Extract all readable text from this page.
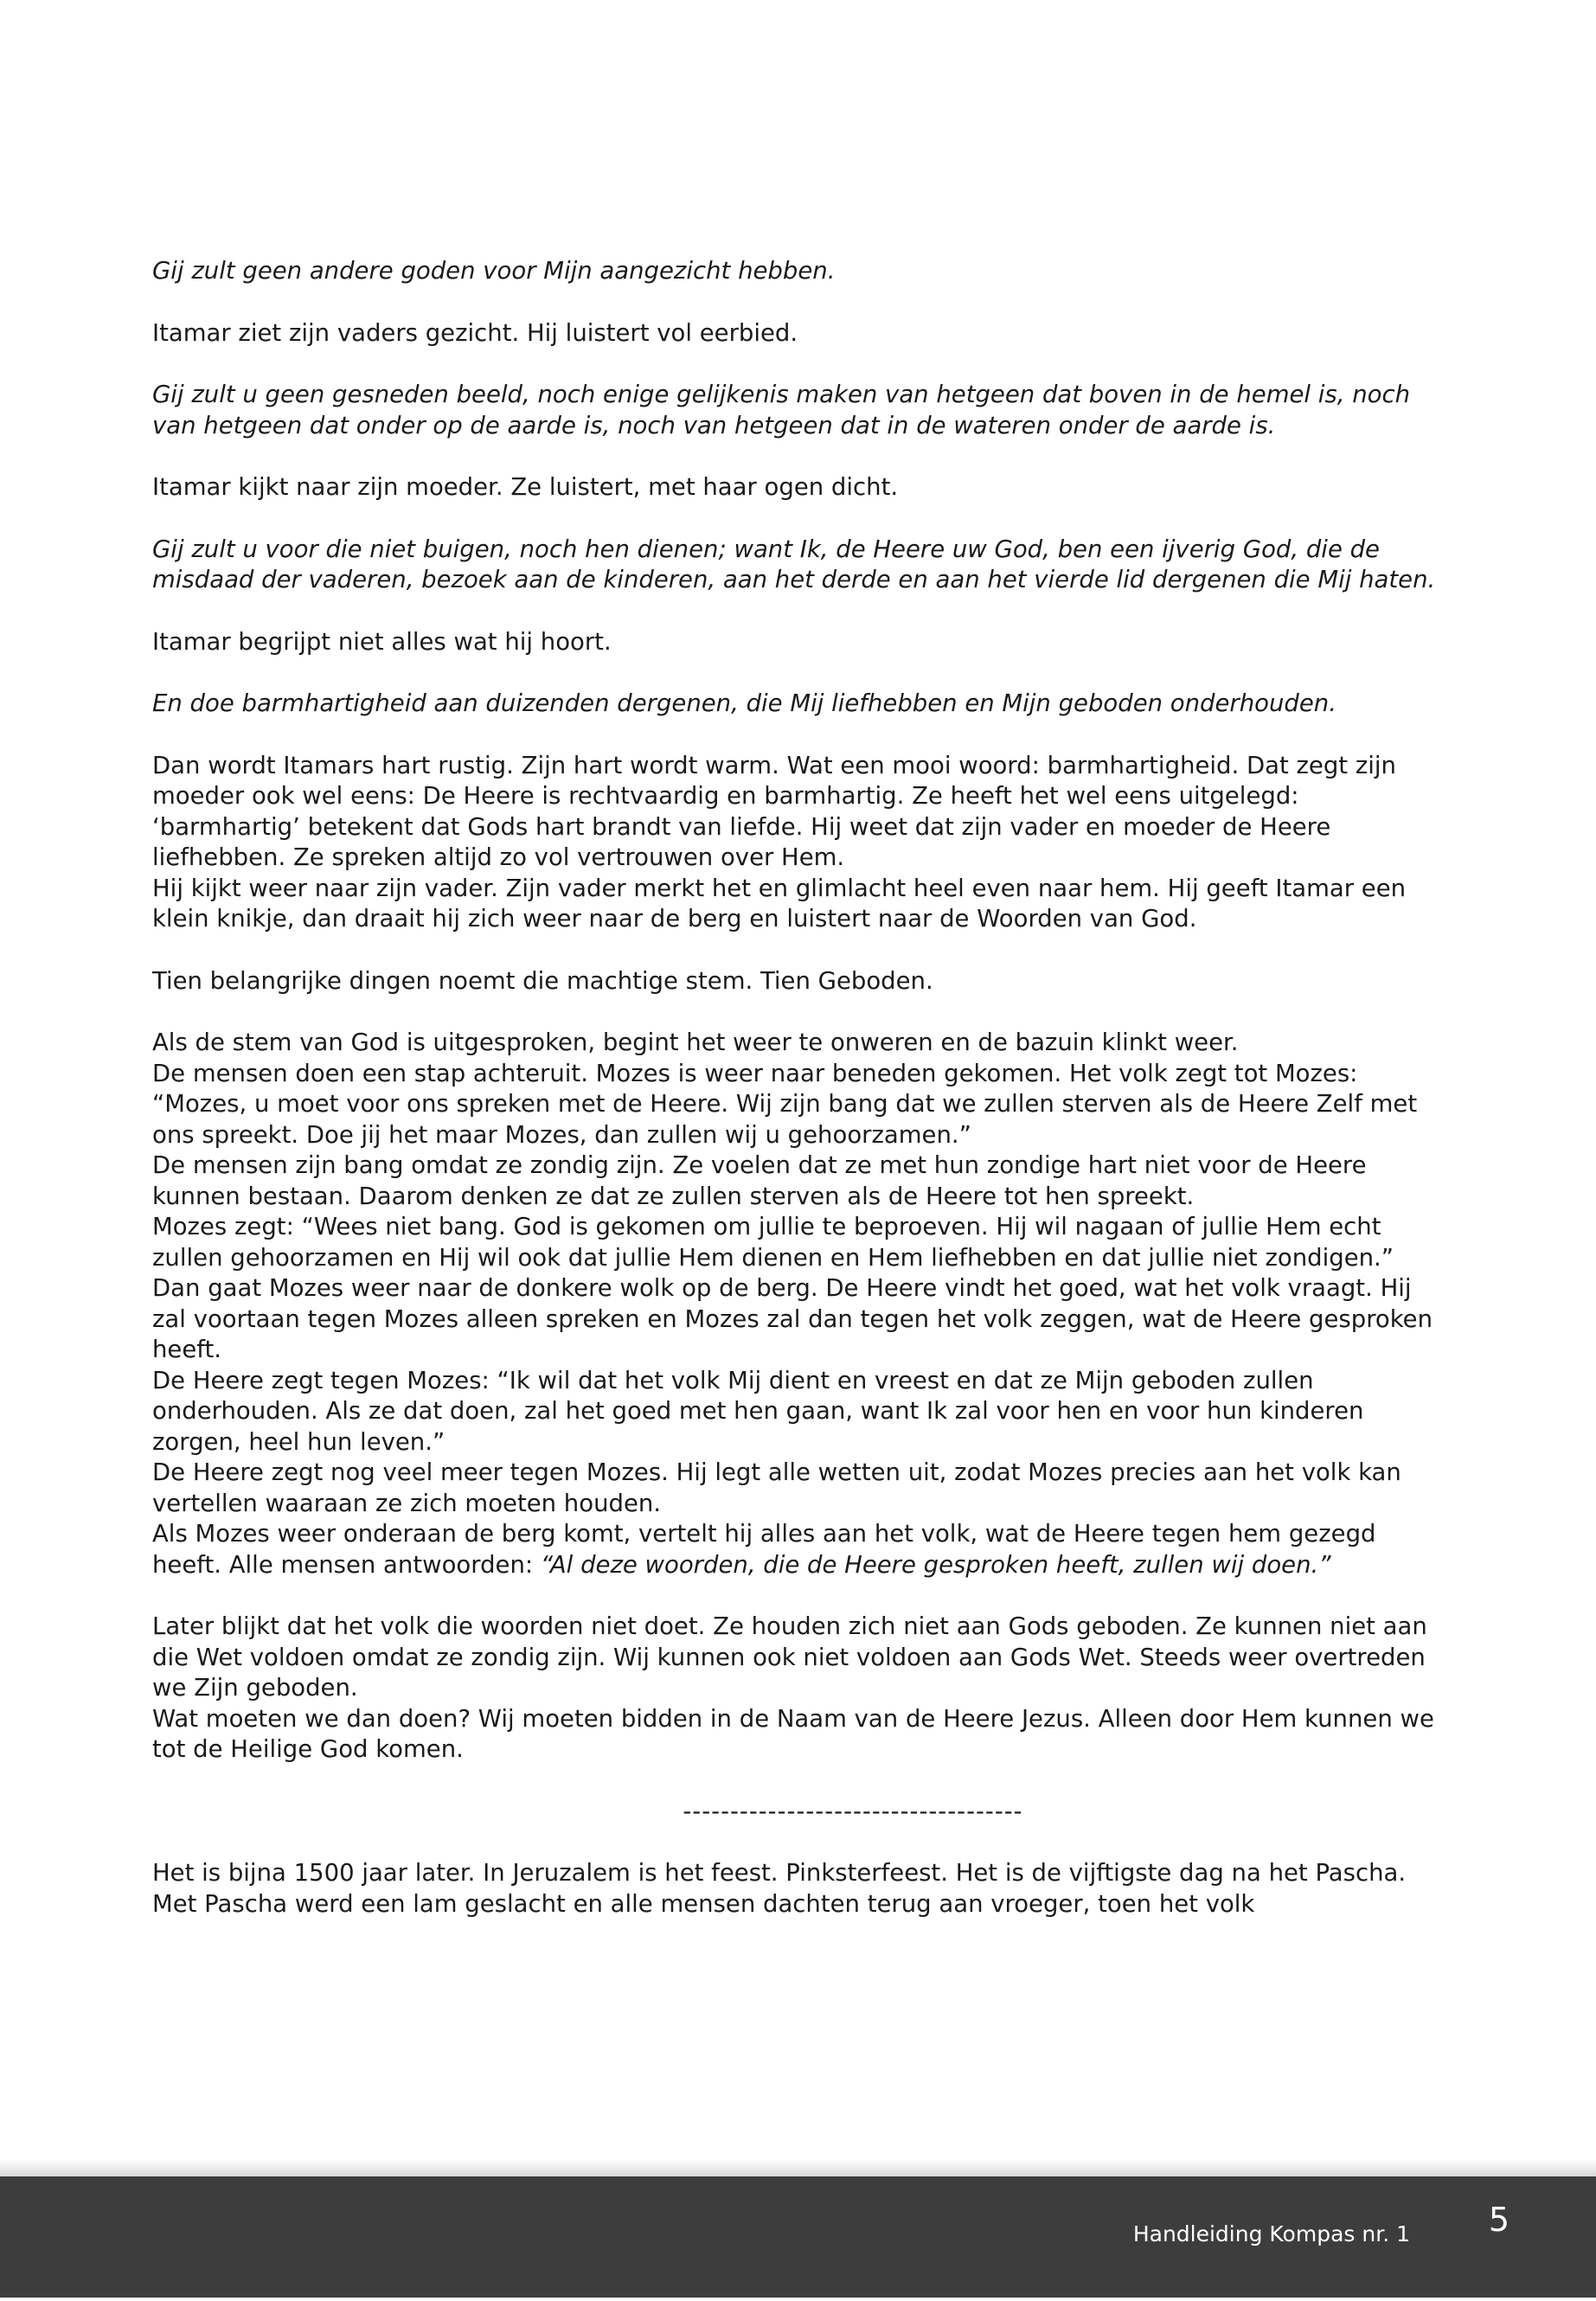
Gij zult geen andere goden voor Mijn aangezicht hebben.

Itamar ziet zijn vaders gezicht. Hij luistert vol eerbied.

Gij zult u geen gesneden beeld, noch enige gelijkenis maken van hetgeen dat boven in de hemel is, noch van hetgeen dat onder op de aarde is, noch van hetgeen dat in de wateren onder de aarde is.

Itamar kijkt naar zijn moeder. Ze luistert, met haar ogen dicht.

Gij zult u voor die niet buigen, noch hen dienen; want Ik, de Heere uw God, ben een ijverig God, die de misdaad der vaderen, bezoek aan de kinderen, aan het derde en aan het vierde lid dergenen die Mij haten.

Itamar begrijpt niet alles wat hij hoort.

En doe barmhartigheid aan duizenden dergenen, die Mij liefhebben en Mijn geboden onderhouden.

Dan wordt Itamars hart rustig. Zijn hart wordt warm. Wat een mooi woord: barmhartigheid. Dat zegt zijn moeder ook wel eens: De Heere is rechtvaardig en barmhartig. Ze heeft het wel eens uitgelegd: ‘barmhartig’ betekent dat Gods hart brandt van liefde. Hij weet dat zijn vader en moeder de Heere liefhebben. Ze spreken altijd zo vol vertrouwen over Hem.

Hij kijkt weer naar zijn vader. Zijn vader merkt het en glimlacht heel even naar hem. Hij geeft Itamar een klein knikje, dan draait hij zich weer naar de berg en luistert naar de Woorden van God.

Tien belangrijke dingen noemt die machtige stem. Tien Geboden.

Als de stem van God is uitgesproken, begint het weer te onweren en de bazuin klinkt weer.

De mensen doen een stap achteruit. Mozes is weer naar beneden gekomen. Het volk zegt tot Mozes: “Mozes, u moet voor ons spreken met de Heere. Wij zijn bang dat we zullen sterven als de Heere Zelf met ons spreekt. Doe jij het maar Mozes, dan zullen wij u gehoorzamen.”

De mensen zijn bang omdat ze zondig zijn. Ze voelen dat ze met hun zondige hart niet voor de Heere kunnen bestaan. Daarom denken ze dat ze zullen sterven als de Heere tot hen spreekt.

Mozes zegt: “Wees niet bang. God is gekomen om jullie te beproeven. Hij wil nagaan of jullie Hem echt zullen gehoorzamen en Hij wil ook dat jullie Hem dienen en Hem liefhebben en dat jullie niet zondigen.”

Dan gaat Mozes weer naar de donkere wolk op de berg. De Heere vindt het goed, wat het volk vraagt. Hij zal voortaan tegen Mozes alleen spreken en Mozes zal dan tegen het volk zeggen, wat de Heere gesproken heeft.

De Heere zegt tegen Mozes: “Ik wil dat het volk Mij dient en vreest en dat ze Mijn geboden zullen onderhouden. Als ze dat doen, zal het goed met hen gaan, want Ik zal voor hen en voor hun kinderen zorgen, heel hun leven.”

De Heere zegt nog veel meer tegen Mozes. Hij legt alle wetten uit, zodat Mozes precies aan het volk kan vertellen waaraan ze zich moeten houden.

Als Mozes weer onderaan de berg komt, vertelt hij alles aan het volk, wat de Heere tegen hem gezegd heeft. Alle mensen antwoorden: “Al deze woorden, die de Heere gesproken heeft, zullen wij doen.”

Later blijkt dat het volk die woorden niet doet. Ze houden zich niet aan Gods geboden. Ze kunnen niet aan die Wet voldoen omdat ze zondig zijn. Wij kunnen ook niet voldoen aan Gods Wet. Steeds weer overtreden we Zijn geboden.

Wat moeten we dan doen? Wij moeten bidden in de Naam van de Heere Jezus. Alleen door Hem kunnen we tot de Heilige God komen.

------------------------------------

Het is bijna 1500 jaar later. In Jeruzalem is het feest. Pinksterfeest. Het is de vijftigste dag na het Pascha. Met Pascha werd een lam geslacht en alle mensen dachten terug aan vroeger, toen het volk

Handleiding Kompas nr. 1 5
